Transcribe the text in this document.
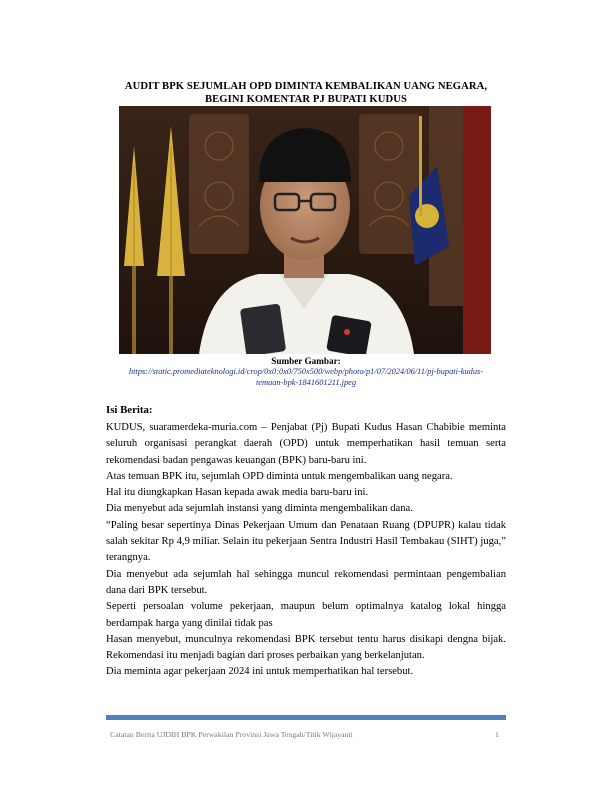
AUDIT BPK SEJUMLAH OPD DIMINTA KEMBALIKAN UANG NEGARA,
BEGINI KOMENTAR PJ BUPATI KUDUS
Sumber Gambar:
https://static.promediateknologi.id/crop/0x0:0x0/750x500/webp/photo/p1/07/2024/06/11/pj-bupati-kudus-
temuan-bpk-1841601211.jpeg
Isi Berita:

KUDUS, suaramerdeka-muria.com – Penjabat (Pj) Bupati Kudus Hasan Chabibie meminta seluruh organisasi perangkat daerah (OPD) untuk memperhatikan hasil temuan serta rekomendasi badan pengawas keuangan (BPK) baru-baru ini.

Atas temuan BPK itu, sejumlah OPD diminta untuk mengembalikan uang negara.

Hal itu diungkapkan Hasan kepada awak media baru-baru ini.

Dia menyebut ada sejumlah instansi yang diminta mengembalikan dana.

“Paling besar sepertinya Dinas Pekerjaan Umum dan Penataan Ruang (DPUPR) kalau tidak salah sekitar Rp 4,9 miliar. Selain itu pekerjaan Sentra Industri Hasil Tembakau (SIHT) juga,” terangnya.

Dia menyebut ada sejumlah hal sehingga muncul rekomendasi permintaan pengembalian dana dari BPK tersebut.

Seperti persoalan volume pekerjaan, maupun belum optimalnya katalog lokal hingga berdampak harga yang dinilai tidak pas

Hasan menyebut, munculnya rekomendasi BPK tersebut tentu harus disikapi dengna bijak. Rekomendasi itu menjadi bagian dari proses perbaikan yang berkelanjutan.

Dia meminta agar pekerjaan 2024 ini untuk memperhatikan hal tersebut.

Catatan Berita UJDIH BPK Perwakilan Provinsi Jawa Tengah/Titik Wijayanti	1
